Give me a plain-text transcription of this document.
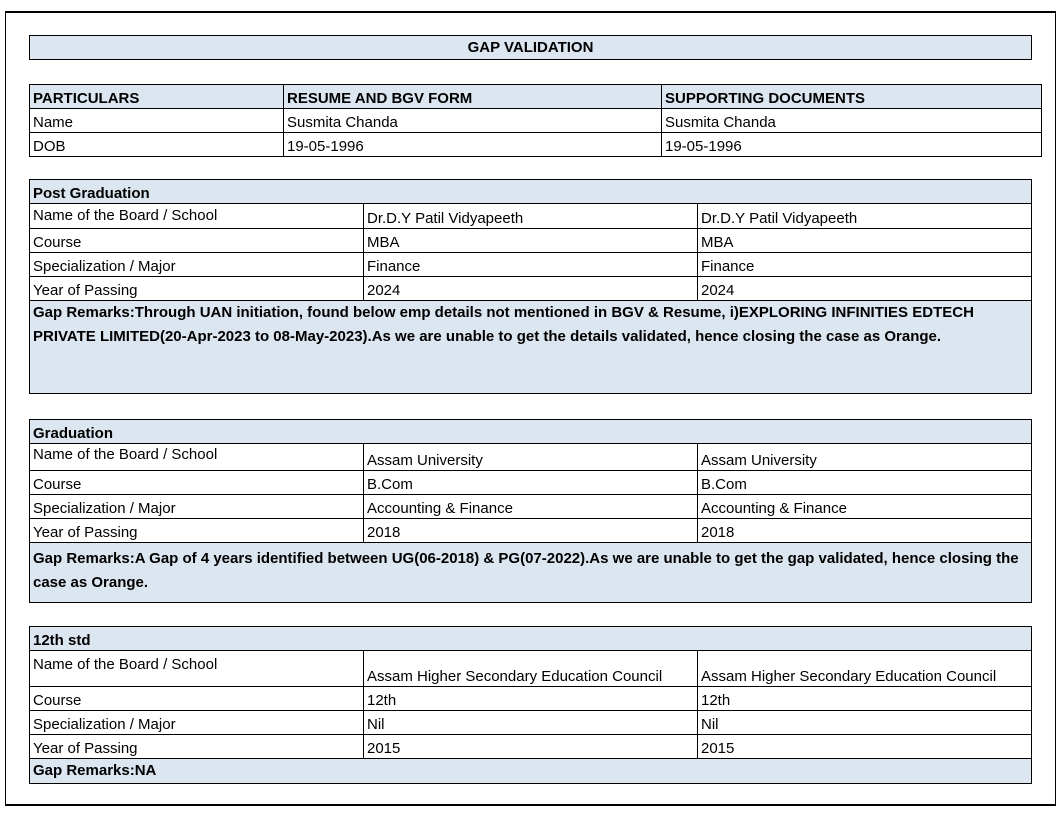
GAP VALIDATION
PARTICULARS	RESUME AND BGV FORM	SUPPORTING DOCUMENTS
Name	Susmita Chanda	Susmita Chanda
DOB	19-05-1996	19-05-1996
Post Graduation		
Name of the Board / School	Dr.D.Y Patil Vidyapeeth	Dr.D.Y Patil Vidyapeeth
Course	MBA	MBA
Specialization / Major	Finance	Finance
Year of Passing	2024	2024
Gap Remarks:Through UAN initiation, found below emp details not mentioned in BGV & Resume, i)EXPLORING INFINITIES EDTECH PRIVATE LIMITED(20-Apr-2023 to 08-May-2023).As we are unable to get the details validated, hence closing the case as Orange.		
Graduation		
Name of the Board / School	Assam University	Assam University
Course	B.Com	B.Com
Specialization / Major	Accounting & Finance	Accounting & Finance
Year of Passing	2018	2018
Gap Remarks:A Gap of 4 years identified between UG(06-2018) & PG(07-2022).As we are unable to get the gap validated, hence closing the case as Orange.		
12th std		
Name of the Board / School	Assam Higher Secondary Education Council	Assam Higher Secondary Education Council
Course	12th	12th
Specialization / Major	Nil	Nil
Year of Passing	2015	2015
Gap Remarks:NA		
